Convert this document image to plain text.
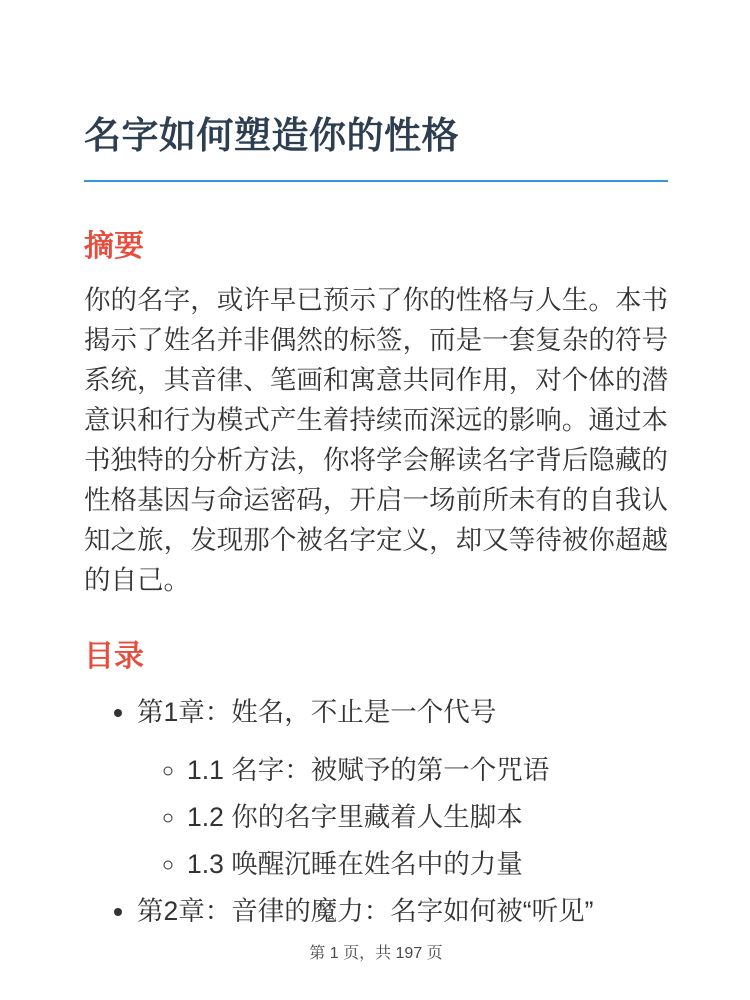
名字如何塑造你的性格
摘要

你的名字，或许早已预示了你的性格与人生。本书揭示了姓名并非偶然的标签，而是一套复杂的符号系统，其音律、笔画和寓意共同作用，对个体的潜意识和行为模式产生着持续而深远的影响。通过本书独特的分析方法，你将学会解读名字背后隐藏的性格基因与命运密码，开启一场前所未有的自我认知之旅，发现那个被名字定义，却又等待被你超越的自己。

目录
• 第1章：姓名，不止是一个代号
◦ 1.1 名字：被赋予的第一个咒语
◦ 1.2 你的名字里藏着人生脚本
◦ 1.3 唤醒沉睡在姓名中的力量
• 第2章：音律的魔力：名字如何被“听见”
第 1 页，共 197 页
